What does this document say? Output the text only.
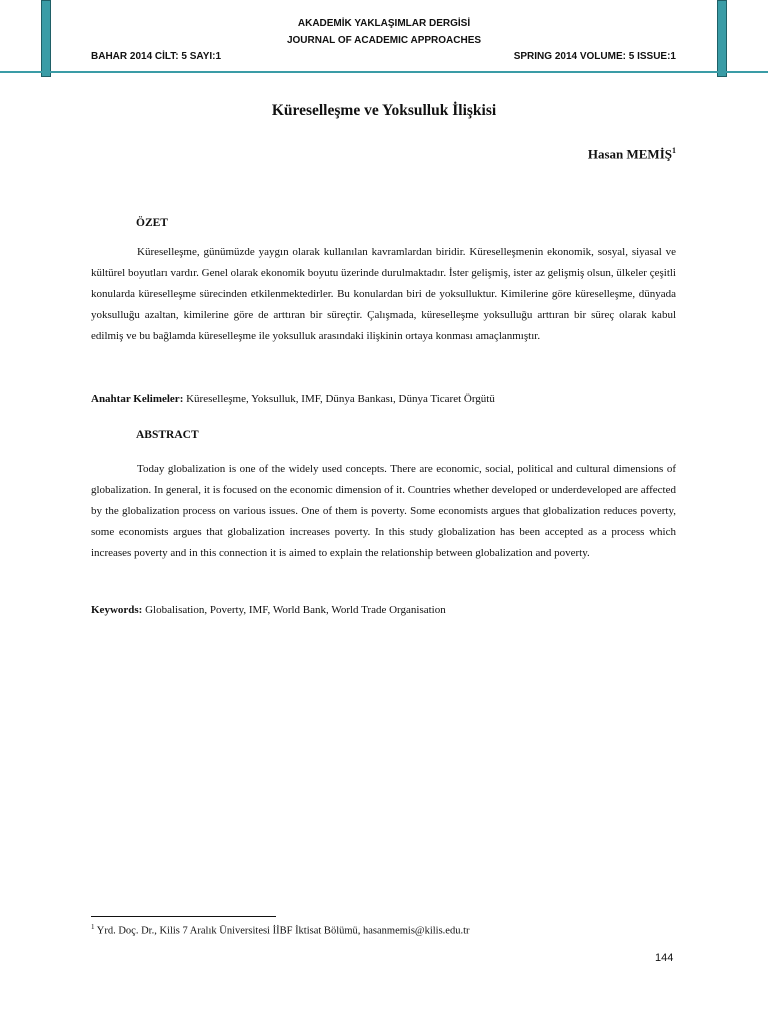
AKADEMİK YAKLAŞIMLAR DERGİSİ
JOURNAL OF ACADEMIC APPROACHES
BAHAR 2014 CİLT: 5 SAYI:1	SPRING 2014 VOLUME: 5 ISSUE:1
Küreselleşme ve Yoksulluk İlişkisi
Hasan MEMİŞ$^1$
ÖZET

Küreselleşme, günümüzde yaygın olarak kullanılan kavramlardan biridir. Küreselleşmenin ekonomik, sosyal, siyasal ve kültürel boyutları vardır. Genel olarak ekonomik boyutu üzerinde durulmaktadır. İster gelişmiş, ister az gelişmiş olsun, ülkeler çeşitli konularda küreselleşme sürecinden etkilenmektedirler. Bu konulardan biri de yoksulluktur. Kimilerine göre küreselleşme, dünyada yoksulluğu azaltan, kimilerine göre de arttıran bir süreçtir. Çalışmada, küreselleşme yoksulluğu arttıran bir süreç olarak kabul edilmiş ve bu bağlamda küreselleşme ile yoksulluk arasındaki ilişkinin ortaya konması amaçlanmıştır.

Anahtar Kelimeler: Küreselleşme, Yoksulluk, IMF, Dünya Bankası, Dünya Ticaret Örgütü
ABSTRACT

Today globalization is one of the widely used concepts. There are economic, social, political and cultural dimensions of globalization. In general, it is focused on the economic dimension of it. Countries whether developed or underdeveloped are affected by the globalization process on various issues. One of them is poverty. Some economists argues that globalization reduces poverty, some economists argues that globalization increases poverty. In this study globalization has been accepted as a process which increases poverty and in this connection it is aimed to explain the relationship between globalization and poverty.

Keywords: Globalisation, Poverty, IMF, World Bank, World Trade Organisation
$^1$ Yrd. Doç. Dr., Kilis 7 Aralık Üniversitesi İİBF İktisat Bölümü, hasanmemis@kilis.edu.tr
144
